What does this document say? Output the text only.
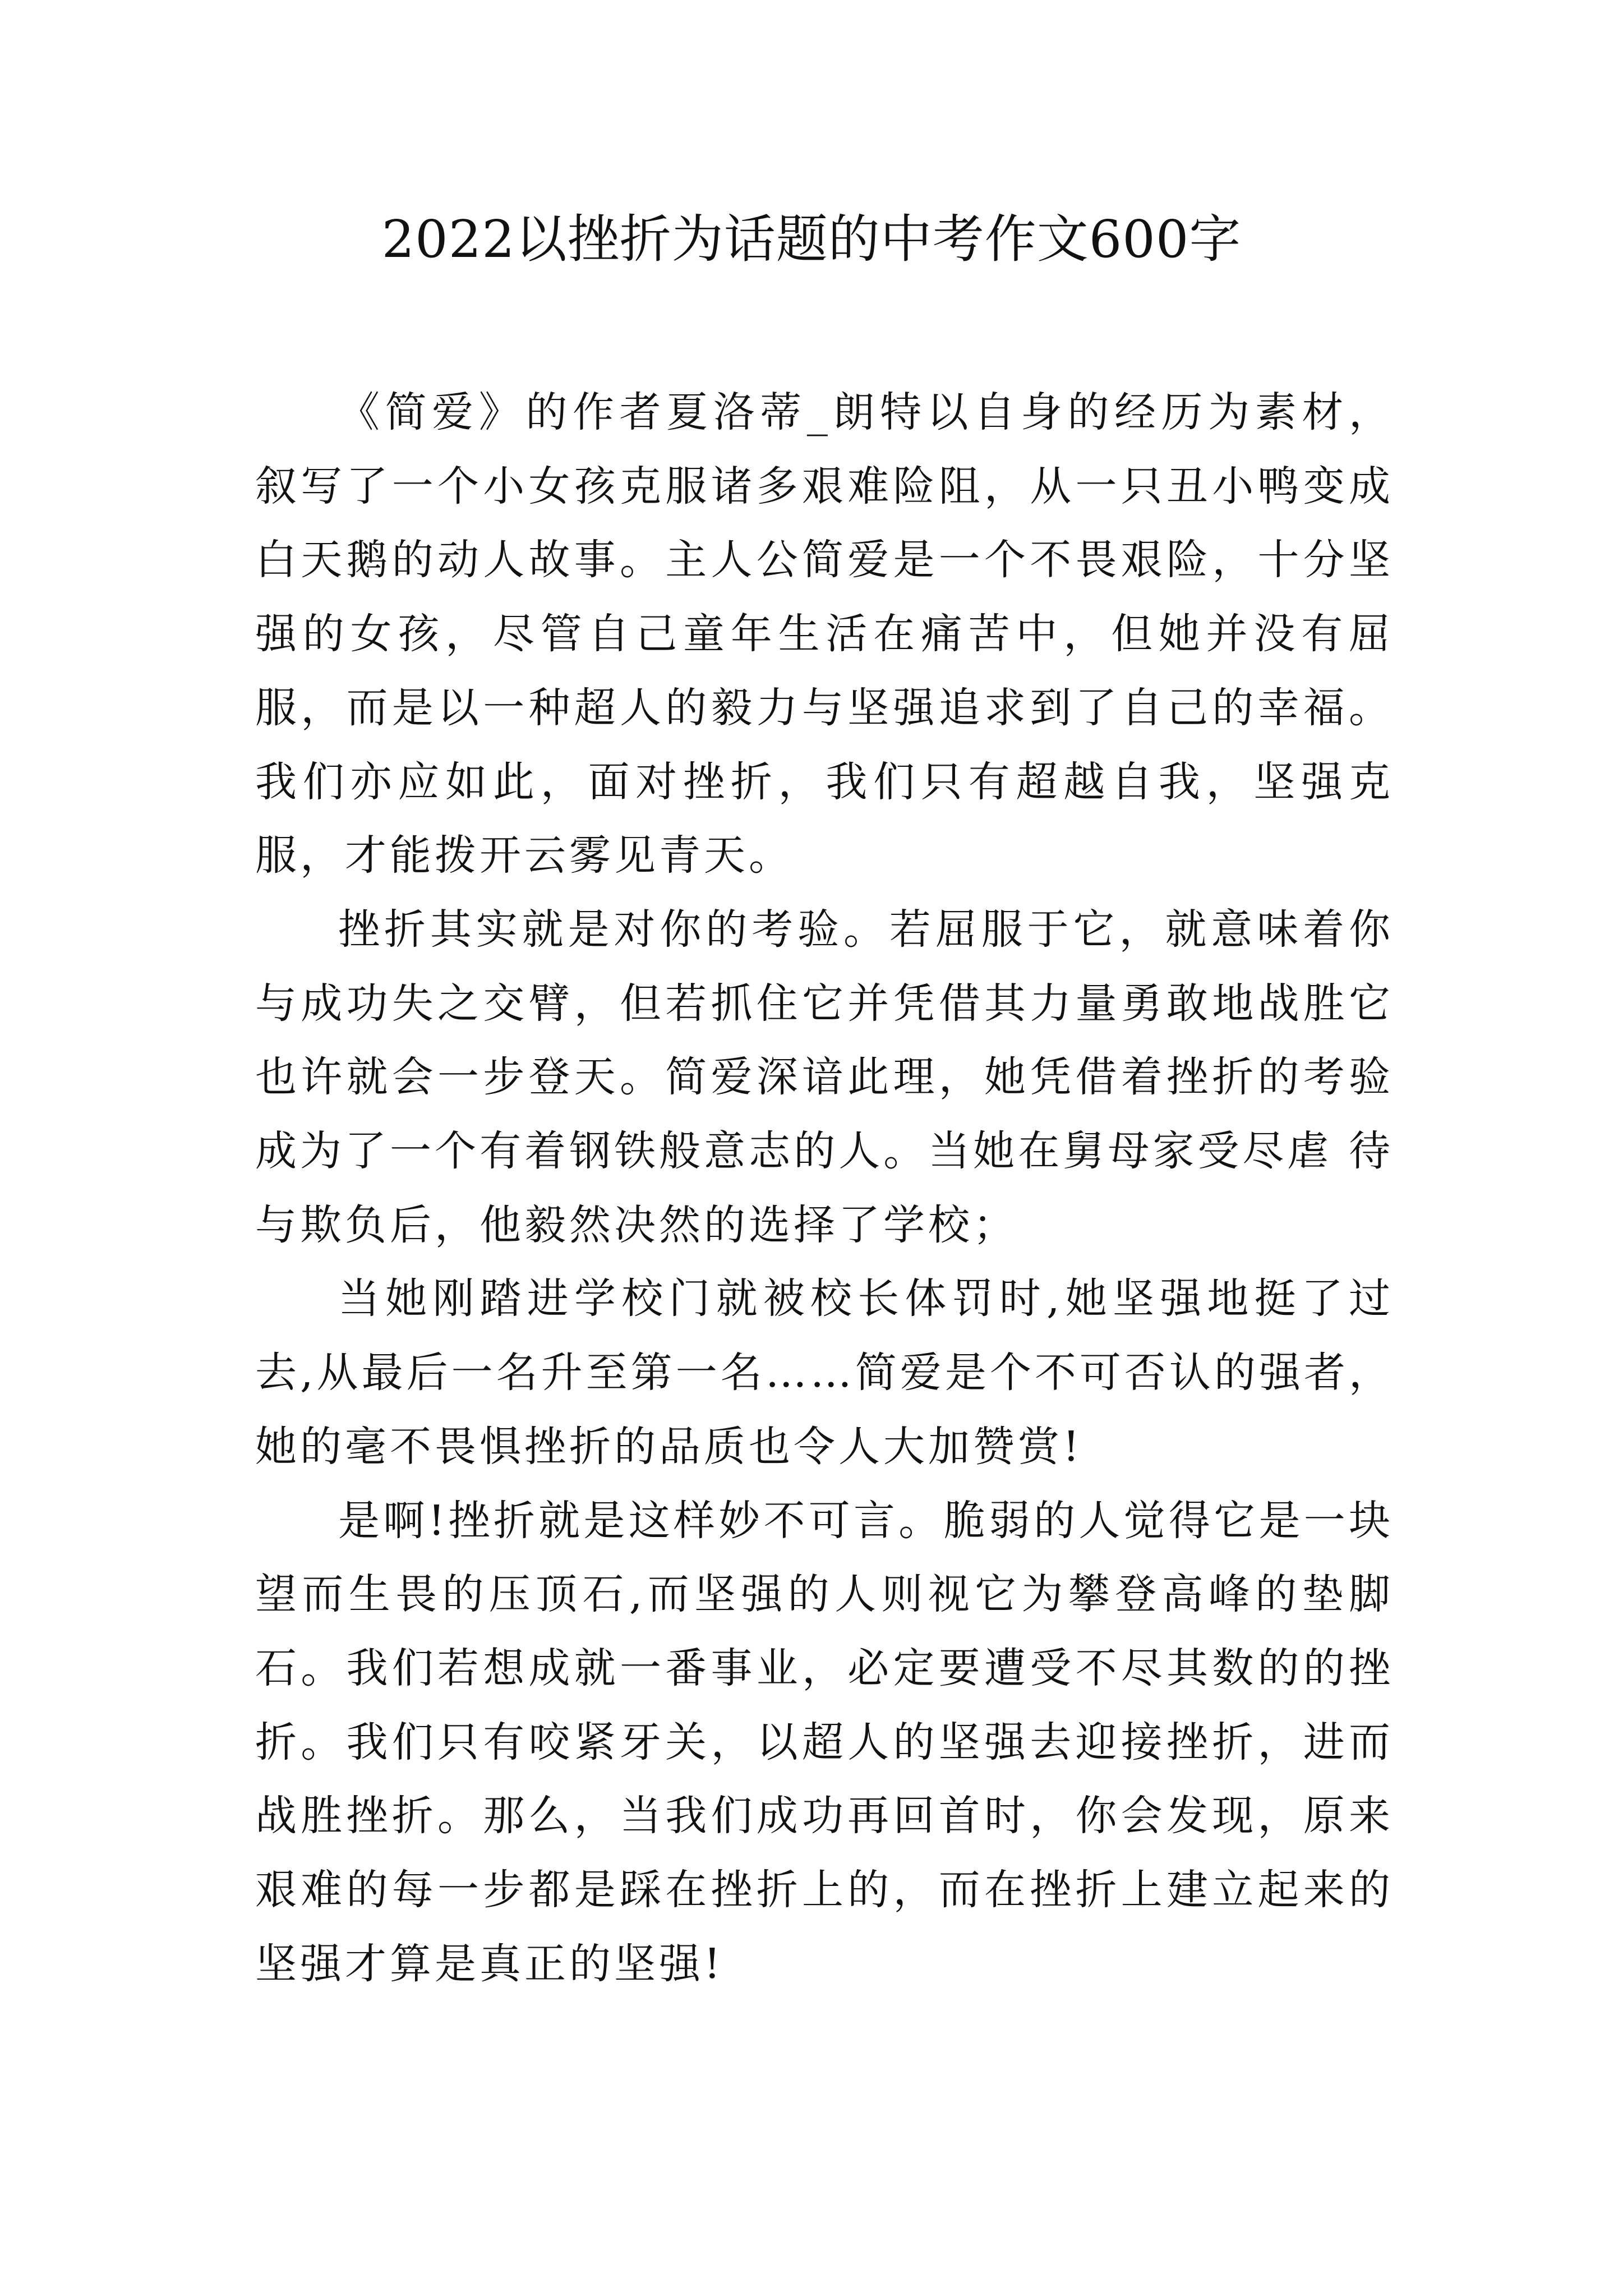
2022以挫折为话题的中考作文600字

《简爱》的作者夏洛蒂_朗特以自身的经历为素材，叙写了一个小女孩克服诸多艰难险阻，从一只丑小鸭变成白天鹅的动人故事。主人公简爱是一个不畏艰险，十分坚强的女孩，尽管自己童年生活在痛苦中，但她并没有屈服，而是以一种超人的毅力与坚强追求到了自己的幸福。我们亦应如此，面对挫折，我们只有超越自我，坚强克服，才能拨开云雾见青天。

挫折其实就是对你的考验。若屈服于它，就意味着你与成功失之交臂，但若抓住它并凭借其力量勇敢地战胜它也许就会一步登天。简爱深谙此理，她凭借着挫折的考验成为了一个有着钢铁般意志的人。当她在舅母家受尽虐 待与欺负后，他毅然决然的选择了学校；

当她刚踏进学校门就被校长体罚时,她坚强地挺了过去,从最后一名升至第一名……简爱是个不可否认的强者，她的毫不畏惧挫折的品质也令人大加赞赏!

是啊!挫折就是这样妙不可言。脆弱的人觉得它是一块望而生畏的压顶石,而坚强的人则视它为攀登高峰的垫脚石。我们若想成就一番事业，必定要遭受不尽其数的的挫折。我们只有咬紧牙关，以超人的坚强去迎接挫折，进而战胜挫折。那么，当我们成功再回首时，你会发现，原来艰难的每一步都是踩在挫折上的，而在挫折上建立起来的坚强才算是真正的坚强!
